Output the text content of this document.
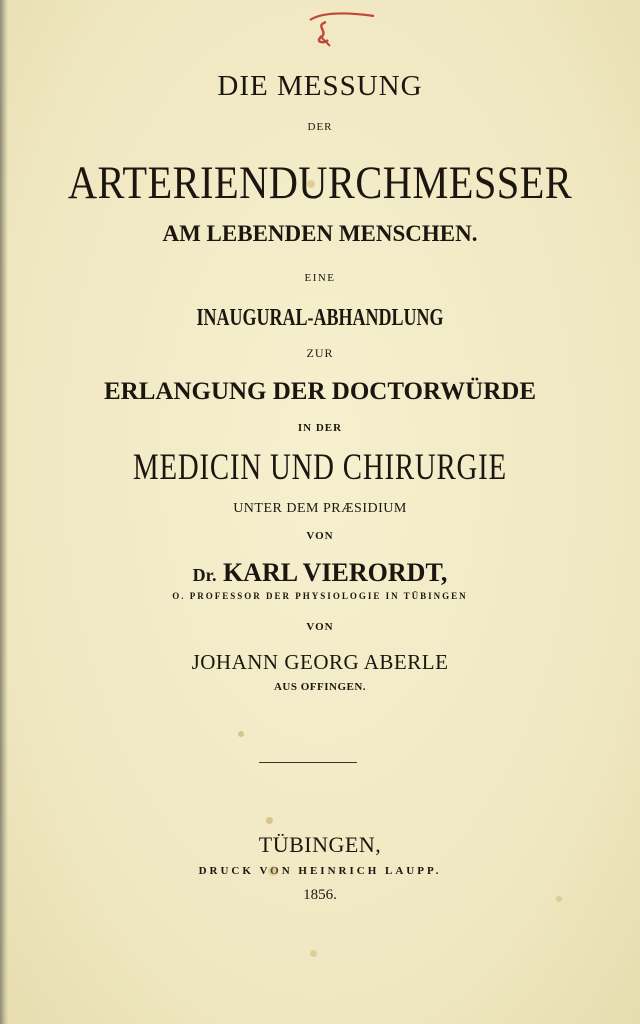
DIE MESSUNG
DER
ARTERIENDURCHMESSER
AM LEBENDEN MENSCHEN.
EINE
INAUGURAL-ABHANDLUNG
ZUR
ERLANGUNG DER DOCTORWÜRDE
IN DER
MEDICIN UND CHIRURGIE
UNTER DEM PRÆSIDIUM
VON
Dr. KARL VIERORDT,
O. PROFESSOR DER PHYSIOLOGIE IN TÜBINGEN
VON
JOHANN GEORG ABERLE
AUS OFFINGEN.
TÜBINGEN,
DRUCK VON HEINRICH LAUPP.
1856.
